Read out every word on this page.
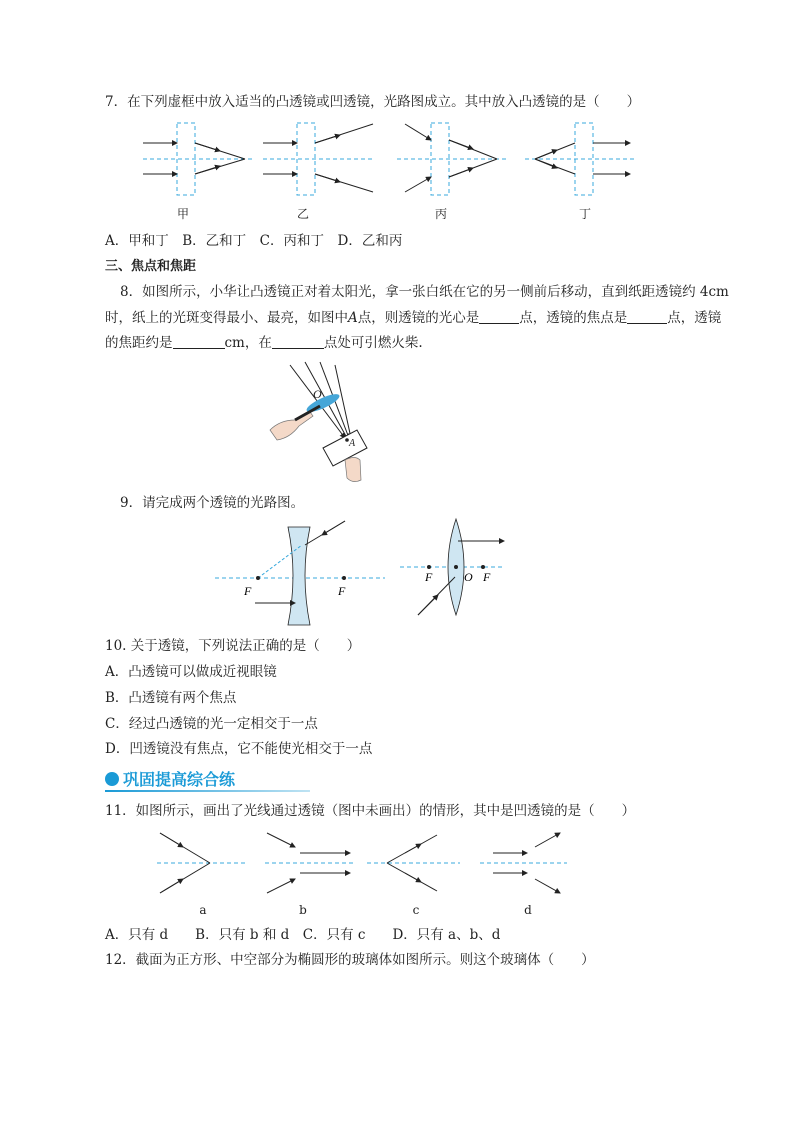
7．在下列虚框中放入适当的凸透镜或凹透镜，光路图成立。其中放入凸透镜的是（　　）
甲	乙	丙	丁
A．甲和丁　B．乙和丁　C．丙和丁　D．乙和丙
三、焦点和焦距
8．如图所示，小华让凸透镜正对着太阳光，拿一张白纸在它的另一侧前后移动，直到纸距透镜约 4cm
时，纸上的光斑变得最小、最亮，如图中A点，则透镜的光心是	点，透镜的焦点是	点，透镜
的焦距约是	cm，在	点处可引燃火柴.
O
A
9．请完成两个透镜的光路图。
F	F
F	O F
10. 关于透镜，下列说法正确的是（　　）
A．凸透镜可以做成近视眼镜
B．凸透镜有两个焦点
C．经过凸透镜的光一定相交于一点
D．凹透镜没有焦点，它不能使光相交于一点
巩固提高综合练
11．如图所示，画出了光线通过透镜（图中未画出）的情形，其中是凹透镜的是（　　）
a	b	c	d
A．只有 d　　B．只有 b 和 d　C．只有 c　　D．只有 a、b、d
12．截面为正方形、中空部分为椭圆形的玻璃体如图所示。则这个玻璃体（　　）
